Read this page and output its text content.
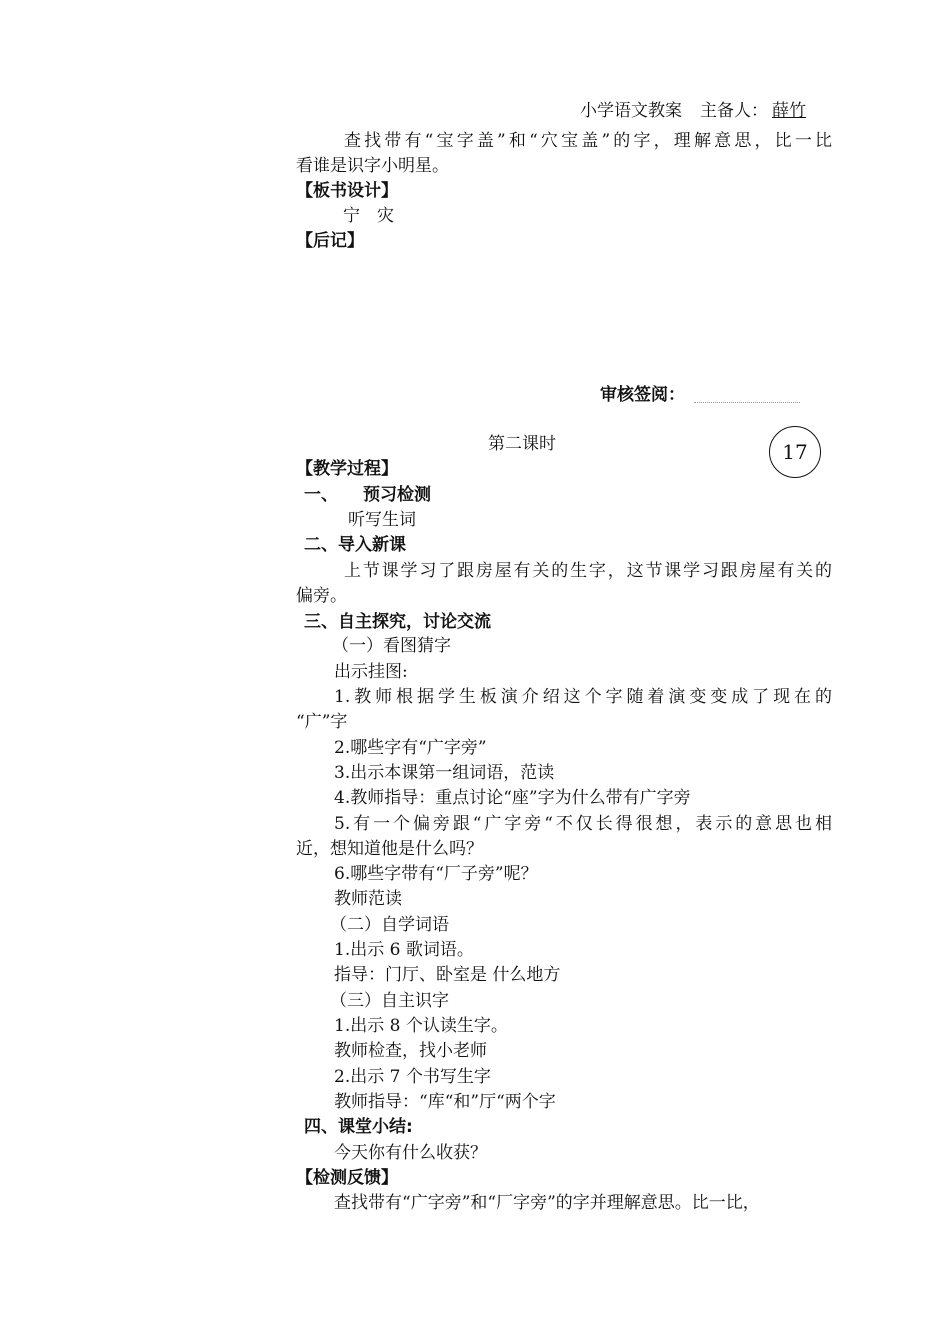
小学语文教案 主备人： 薛竹
查找带有“宝字盖”和“穴宝盖”的字，理解意思，比一比
看谁是识字小明星。
【板书设计】
宁　灾
【后记】
审核签阅：
第二课时	17
【教学过程】
一、 预习检测
听写生词
二、导入新课
上节课学习了跟房屋有关的生字，这节课学习跟房屋有关的
偏旁。
三、自主探究，讨论交流
（一）看图猜字
出示挂图:
1.教师根据学生板演介绍这个字随着演变变成了现在的
“广”字
2.哪些字有“广字旁”
3.出示本课第一组词语，范读
4.教师指导：重点讨论“座”字为什么带有广字旁
5.有一个偏旁跟“广字旁“不仅长得很想，表示的意思也相
近，想知道他是什么吗？
6.哪些字带有“厂子旁”呢？
教师范读
（二）自学词语
1.出示 6 歌词语。
指导：门厅、卧室是 什么地方
（三）自主识字
1.出示 8 个认读生字。
教师检查，找小老师
2.出示 7 个书写生字
教师指导：“库“和”厅“两个字
四、课堂小结:
今天你有什么收获？
【检测反馈】
查找带有“广字旁”和“厂字旁”的字并理解意思。比一比，
